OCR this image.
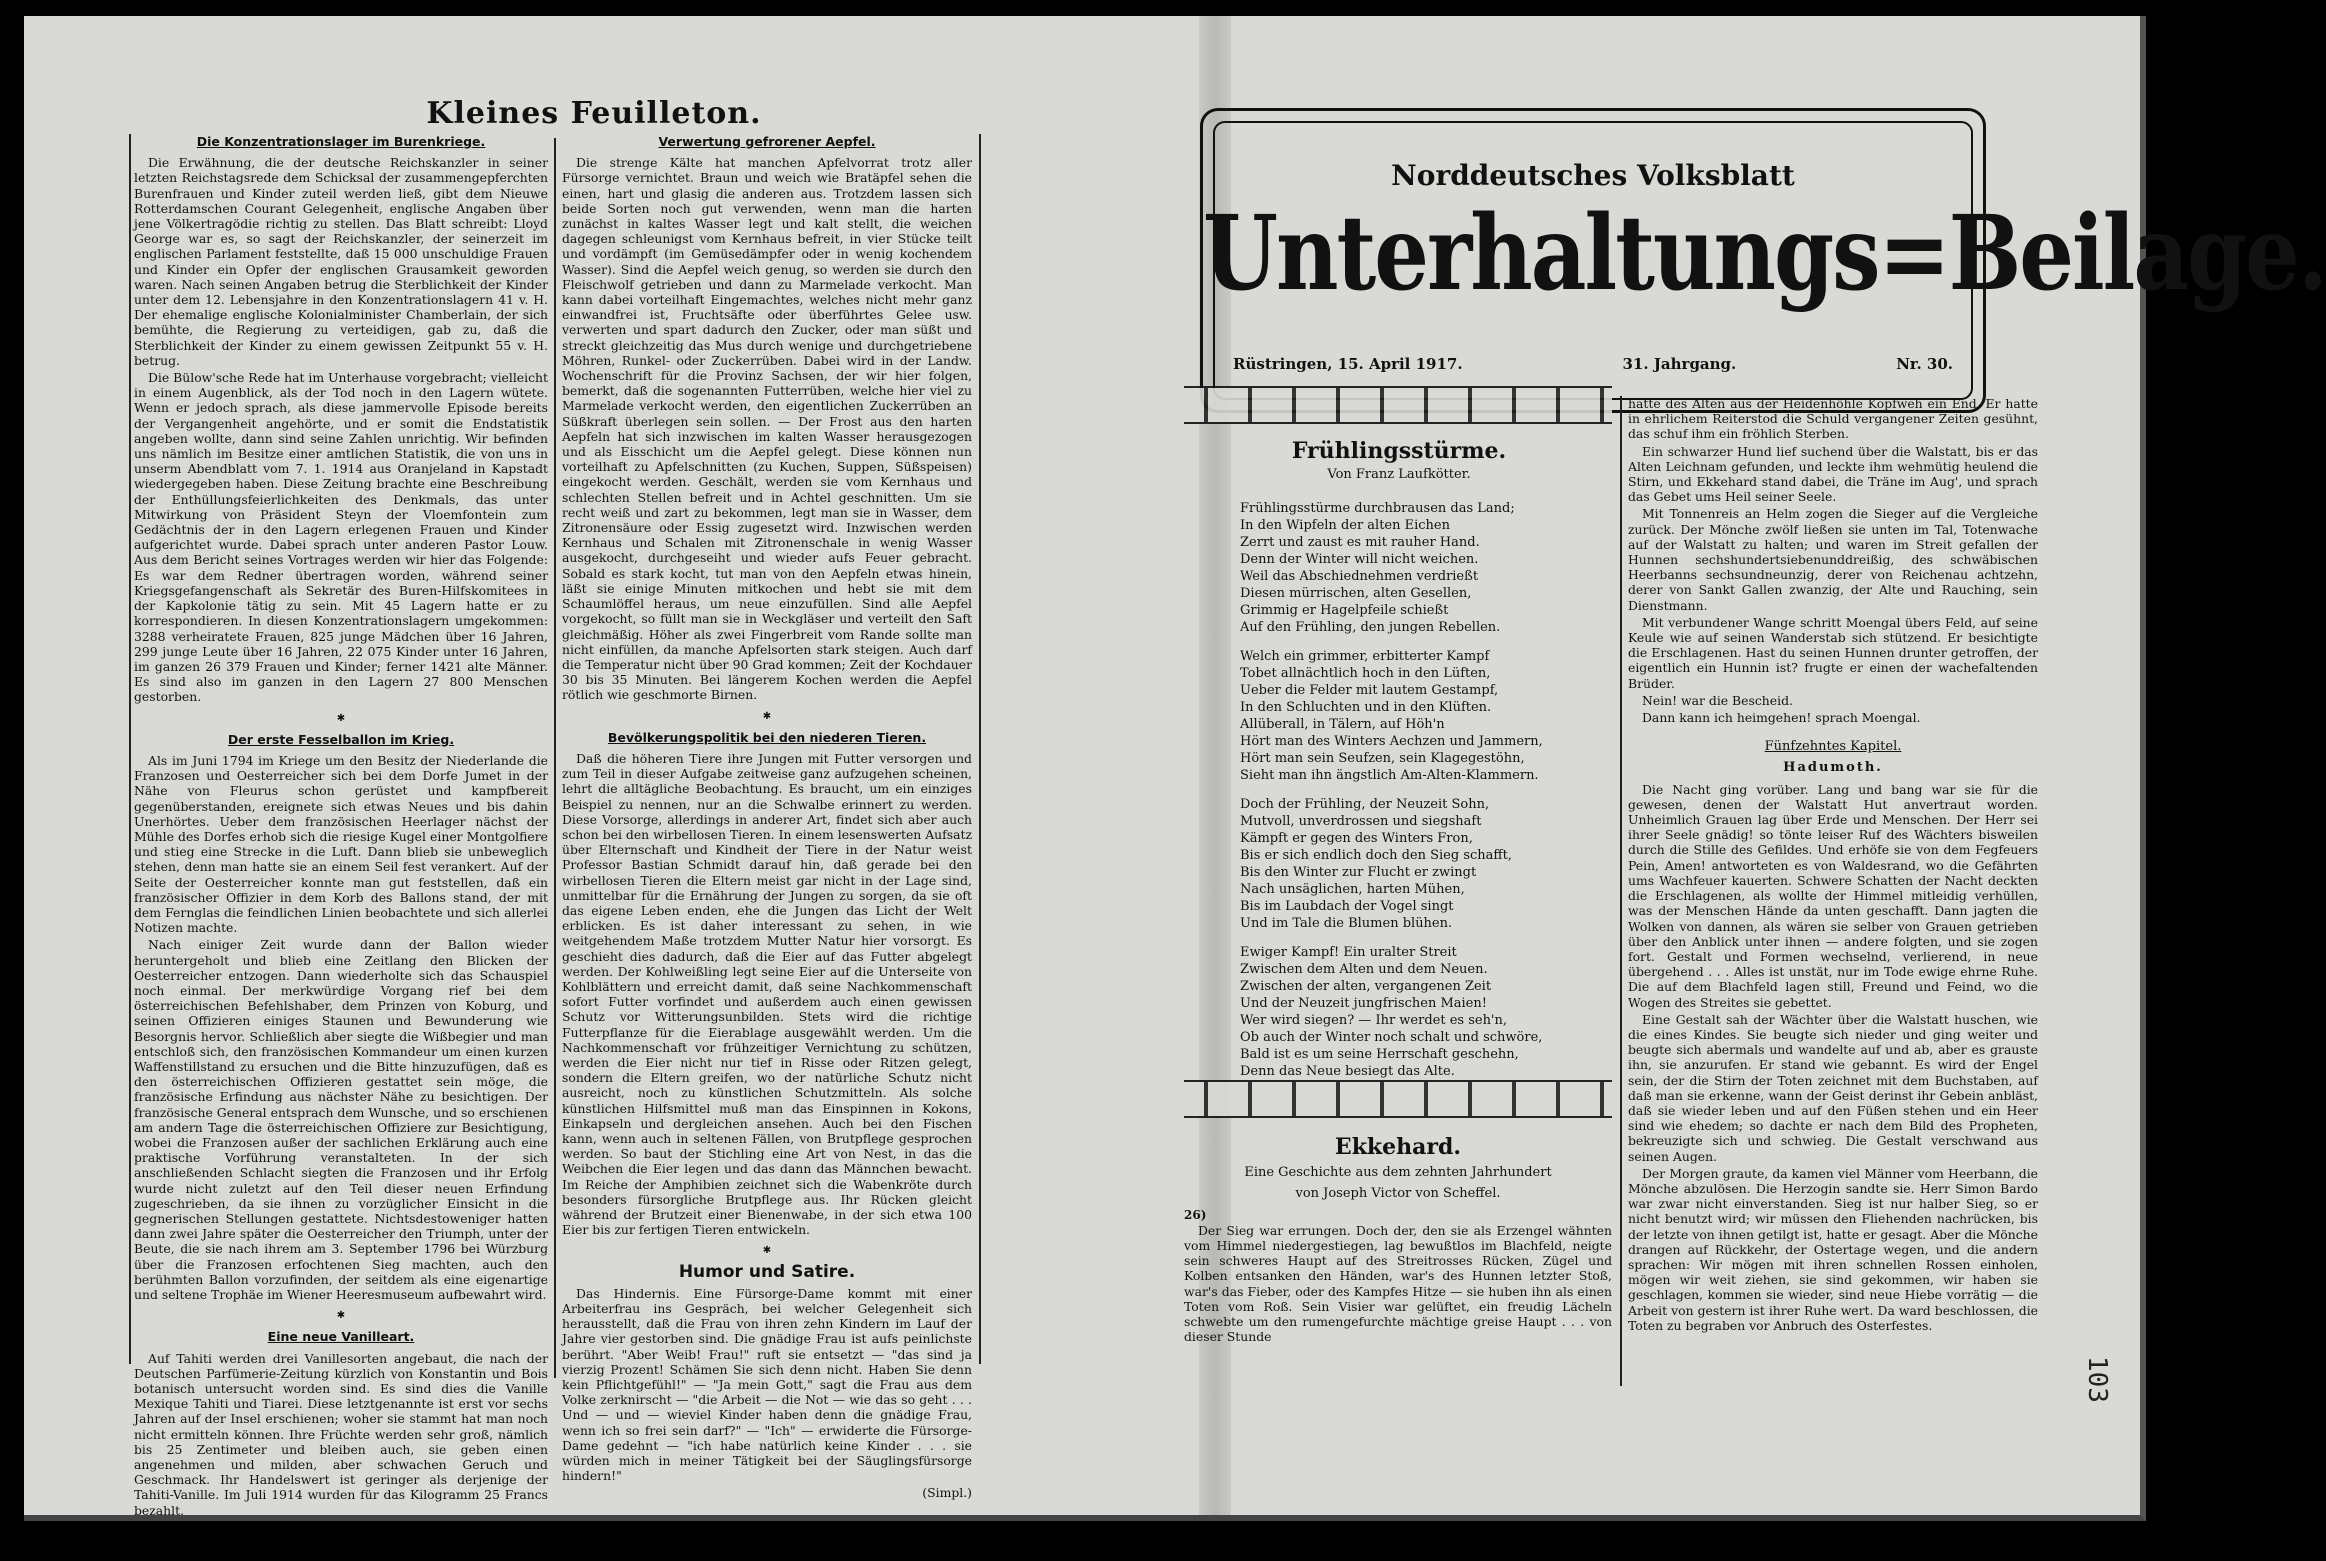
Kleines Feuilleton.
Die Konzentrationslager im Burenkriege.

Die Erwähnung, die der deutsche Reichskanzler in seiner letzten Reichstagsrede dem Schicksal der zusammengepferchten Burenfrauen und Kinder zuteil werden ließ, gibt dem Nieuwe Rotterdamschen Courant Gelegenheit, englische Angaben über jene Völkertragödie richtig zu stellen. Das Blatt schreibt: Lloyd George war es, so sagt der Reichskanzler, der seinerzeit im englischen Parlament feststellte, daß 15 000 unschuldige Frauen und Kinder ein Opfer der englischen Grausamkeit geworden waren. Nach seinen Angaben betrug die Sterblichkeit der Kinder unter dem 12. Lebensjahre in den Konzentrationslagern 41 v. H. Der ehemalige englische Kolonialminister Chamberlain, der sich bemühte, die Regierung zu verteidigen, gab zu, daß die Sterblichkeit der Kinder zu einem gewissen Zeitpunkt 55 v. H. betrug.

Die Bülow'sche Rede hat im Unterhause vorgebracht; vielleicht in einem Augenblick, als der Tod noch in den Lagern wütete. Wenn er jedoch sprach, als diese jammervolle Episode bereits der Vergangenheit angehörte, und er somit die Endstatistik angeben wollte, dann sind seine Zahlen unrichtig. Wir befinden uns nämlich im Besitze einer amtlichen Statistik, die von uns in unserm Abendblatt vom 7. 1. 1914 aus Oranjeland in Kapstadt wiedergegeben haben. Diese Zeitung brachte eine Beschreibung der Enthüllungsfeierlichkeiten des Denkmals, das unter Mitwirkung von Präsident Steyn der Vloemfontein zum Gedächtnis der in den Lagern erlegenen Frauen und Kinder aufgerichtet wurde. Dabei sprach unter anderen Pastor Louw. Aus dem Bericht seines Vortrages werden wir hier das Folgende: Es war dem Redner übertragen worden, während seiner Kriegsgefangenschaft als Sekretär des Buren-Hilfskomitees in der Kapkolonie tätig zu sein. Mit 45 Lagern hatte er zu korrespondieren. In diesen Konzentrationslagern umgekommen: 3288 verheiratete Frauen, 825 junge Mädchen über 16 Jahren, 299 junge Leute über 16 Jahren, 22 075 Kinder unter 16 Jahren, im ganzen 26 379 Frauen und Kinder; ferner 1421 alte Männer. Es sind also im ganzen in den Lagern 27 800 Menschen gestorben.

✱
Der erste Fesselballon im Krieg.

Als im Juni 1794 im Kriege um den Besitz der Niederlande die Franzosen und Oesterreicher sich bei dem Dorfe Jumet in der Nähe von Fleurus schon gerüstet und kampfbereit gegenüberstanden, ereignete sich etwas Neues und bis dahin Unerhörtes. Ueber dem französischen Heerlager nächst der Mühle des Dorfes erhob sich die riesige Kugel einer Montgolfiere und stieg eine Strecke in die Luft. Dann blieb sie unbeweglich stehen, denn man hatte sie an einem Seil fest verankert. Auf der Seite der Oesterreicher konnte man gut feststellen, daß ein französischer Offizier in dem Korb des Ballons stand, der mit dem Fernglas die feindlichen Linien beobachtete und sich allerlei Notizen machte.

Nach einiger Zeit wurde dann der Ballon wieder heruntergeholt und blieb eine Zeitlang den Blicken der Oesterreicher entzogen. Dann wiederholte sich das Schauspiel noch einmal. Der merkwürdige Vorgang rief bei dem österreichischen Befehlshaber, dem Prinzen von Koburg, und seinen Offizieren einiges Staunen und Bewunderung wie Besorgnis hervor. Schließlich aber siegte die Wißbegier und man entschloß sich, den französischen Kommandeur um einen kurzen Waffenstillstand zu ersuchen und die Bitte hinzuzufügen, daß es den österreichischen Offizieren gestattet sein möge, die französische Erfindung aus nächster Nähe zu besichtigen. Der französische General entsprach dem Wunsche, und so erschienen am andern Tage die österreichischen Offiziere zur Besichtigung, wobei die Franzosen außer der sachlichen Erklärung auch eine praktische Vorführung veranstalteten. In der sich anschließenden Schlacht siegten die Franzosen und ihr Erfolg wurde nicht zuletzt auf den Teil dieser neuen Erfindung zugeschrieben, da sie ihnen zu vorzüglicher Einsicht in die gegnerischen Stellungen gestattete. Nichtsdestoweniger hatten dann zwei Jahre später die Oesterreicher den Triumph, unter der Beute, die sie nach ihrem am 3. September 1796 bei Würzburg über die Franzosen erfochtenen Sieg machten, auch den berühmten Ballon vorzufinden, der seitdem als eine eigenartige und seltene Trophäe im Wiener Heeresmuseum aufbewahrt wird.

✱
Eine neue Vanilleart.

Auf Tahiti werden drei Vanillesorten angebaut, die nach der Deutschen Parfümerie-Zeitung kürzlich von Konstantin und Bois botanisch untersucht worden sind. Es sind dies die Vanille Mexique Tahiti und Tiarei. Diese letztgenannte ist erst vor sechs Jahren auf der Insel erschienen; woher sie stammt hat man noch nicht ermitteln können. Ihre Früchte werden sehr groß, nämlich bis 25 Zentimeter und bleiben auch, sie geben einen angenehmen und milden, aber schwachen Geruch und Geschmack. Ihr Handelswert ist geringer als derjenige der Tahiti-Vanille. Im Juli 1914 wurden für das Kilogramm 25 Francs bezahlt.

Verwertung gefrorener Aepfel.

Die strenge Kälte hat manchen Apfelvorrat trotz aller Fürsorge vernichtet. Braun und weich wie Bratäpfel sehen die einen, hart und glasig die anderen aus. Trotzdem lassen sich beide Sorten noch gut verwenden, wenn man die harten zunächst in kaltes Wasser legt und kalt stellt, die weichen dagegen schleunigst vom Kernhaus befreit, in vier Stücke teilt und vordämpft (im Gemüsedämpfer oder in wenig kochendem Wasser). Sind die Aepfel weich genug, so werden sie durch den Fleischwolf getrieben und dann zu Marmelade verkocht. Man kann dabei vorteilhaft Eingemachtes, welches nicht mehr ganz einwandfrei ist, Fruchtsäfte oder überführtes Gelee usw. verwerten und spart dadurch den Zucker, oder man süßt und streckt gleichzeitig das Mus durch wenige und durchgetriebene Möhren, Runkel- oder Zuckerrüben. Dabei wird in der Landw. Wochenschrift für die Provinz Sachsen, der wir hier folgen, bemerkt, daß die sogenannten Futterrüben, welche hier viel zu Marmelade verkocht werden, den eigentlichen Zuckerrüben an Süßkraft überlegen sein sollen. — Der Frost aus den harten Aepfeln hat sich inzwischen im kalten Wasser herausgezogen und als Eisschicht um die Aepfel gelegt. Diese können nun vorteilhaft zu Apfelschnitten (zu Kuchen, Suppen, Süßspeisen) eingekocht werden. Geschält, werden sie vom Kernhaus und schlechten Stellen befreit und in Achtel geschnitten. Um sie recht weiß und zart zu bekommen, legt man sie in Wasser, dem Zitronensäure oder Essig zugesetzt wird. Inzwischen werden Kernhaus und Schalen mit Zitronenschale in wenig Wasser ausgekocht, durchgeseiht und wieder aufs Feuer gebracht. Sobald es stark kocht, tut man von den Aepfeln etwas hinein, läßt sie einige Minuten mitkochen und hebt sie mit dem Schaumlöffel heraus, um neue einzufüllen. Sind alle Aepfel vorgekocht, so füllt man sie in Weckgläser und verteilt den Saft gleichmäßig. Höher als zwei Fingerbreit vom Rande sollte man nicht einfüllen, da manche Apfelsorten stark steigen. Auch darf die Temperatur nicht über 90 Grad kommen; Zeit der Kochdauer 30 bis 35 Minuten. Bei längerem Kochen werden die Aepfel rötlich wie geschmorte Birnen.

✱
Bevölkerungspolitik bei den niederen Tieren.

Daß die höheren Tiere ihre Jungen mit Futter versorgen und zum Teil in dieser Aufgabe zeitweise ganz aufzugehen scheinen, lehrt die alltägliche Beobachtung. Es braucht, um ein einziges Beispiel zu nennen, nur an die Schwalbe erinnert zu werden. Diese Vorsorge, allerdings in anderer Art, findet sich aber auch schon bei den wirbellosen Tieren. In einem lesenswerten Aufsatz über Elternschaft und Kindheit der Tiere in der Natur weist Professor Bastian Schmidt darauf hin, daß gerade bei den wirbellosen Tieren die Eltern meist gar nicht in der Lage sind, unmittelbar für die Ernährung der Jungen zu sorgen, da sie oft das eigene Leben enden, ehe die Jungen das Licht der Welt erblicken. Es ist daher interessant zu sehen, in wie weitgehendem Maße trotzdem Mutter Natur hier vorsorgt. Es geschieht dies dadurch, daß die Eier auf das Futter abgelegt werden. Der Kohlweißling legt seine Eier auf die Unterseite von Kohlblättern und erreicht damit, daß seine Nachkommenschaft sofort Futter vorfindet und außerdem auch einen gewissen Schutz vor Witterungsunbilden. Stets wird die richtige Futterpflanze für die Eierablage ausgewählt werden. Um die Nachkommenschaft vor frühzeitiger Vernichtung zu schützen, werden die Eier nicht nur tief in Risse oder Ritzen gelegt, sondern die Eltern greifen, wo der natürliche Schutz nicht ausreicht, noch zu künstlichen Schutzmitteln. Als solche künstlichen Hilfsmittel muß man das Einspinnen in Kokons, Einkapseln und dergleichen ansehen. Auch bei den Fischen kann, wenn auch in seltenen Fällen, von Brutpflege gesprochen werden. So baut der Stichling eine Art von Nest, in das die Weibchen die Eier legen und das dann das Männchen bewacht. Im Reiche der Amphibien zeichnet sich die Wabenkröte durch besonders fürsorgliche Brutpflege aus. Ihr Rücken gleicht während der Brutzeit einer Bienenwabe, in der sich etwa 100 Eier bis zur fertigen Tieren entwickeln.

✱
Humor und Satire.

Das Hindernis. Eine Fürsorge-Dame kommt mit einer Arbeiterfrau ins Gespräch, bei welcher Gelegenheit sich herausstellt, daß die Frau von ihren zehn Kindern im Lauf der Jahre vier gestorben sind. Die gnädige Frau ist aufs peinlichste berührt. "Aber Weib! Frau!" ruft sie entsetzt — "das sind ja vierzig Prozent! Schämen Sie sich denn nicht. Haben Sie denn kein Pflichtgefühl!" — "Ja mein Gott," sagt die Frau aus dem Volke zerknirscht — "die Arbeit — die Not — wie das so geht . . . Und — und — wieviel Kinder haben denn die gnädige Frau, wenn ich so frei sein darf?" — "Ich" — erwiderte die Fürsorge-Dame gedehnt — "ich habe natürlich keine Kinder . . . sie würden mich in meiner Tätigkeit bei der Säuglingsfürsorge hindern!"

(Simpl.)

Norddeutsches Volksblatt
Unterhaltungs=Beilage.
Rüstringen, 15. April 1917.	31. Jahrgang.	Nr. 30.
Frühlingsstürme.
Von Franz Laufkötter.
Frühlingsstürme durchbrausen das Land;
In den Wipfeln der alten Eichen
Zerrt und zaust es mit rauher Hand.
Denn der Winter will nicht weichen.
Weil das Abschiednehmen verdrießt
Diesen mürrischen, alten Gesellen,
Grimmig er Hagelpfeile schießt
Auf den Frühling, den jungen Rebellen.
Welch ein grimmer, erbitterter Kampf
Tobet allnächtlich hoch in den Lüften,
Ueber die Felder mit lautem Gestampf,
In den Schluchten und in den Klüften.
Allüberall, in Tälern, auf Höh'n
Hört man des Winters Aechzen und Jammern,
Hört man sein Seufzen, sein Klagegestöhn,
Sieht man ihn ängstlich Am-Alten-Klammern.
Doch der Frühling, der Neuzeit Sohn,
Mutvoll, unverdrossen und siegshaft
Kämpft er gegen des Winters Fron,
Bis er sich endlich doch den Sieg schafft,
Bis den Winter zur Flucht er zwingt
Nach unsäglichen, harten Mühen,
Bis im Laubdach der Vogel singt
Und im Tale die Blumen blühen.
Ewiger Kampf! Ein uralter Streit
Zwischen dem Alten und dem Neuen.
Zwischen der alten, vergangenen Zeit
Und der Neuzeit jungfrischen Maien!
Wer wird siegen? — Ihr werdet es seh'n,
Ob auch der Winter noch schalt und schwöre,
Bald ist es um seine Herrschaft geschehn,
Denn das Neue besiegt das Alte.
Ekkehard.
Eine Geschichte aus dem zehnten Jahrhundert
von Joseph Victor von Scheffel.
26)

Der Sieg war errungen. Doch der, den sie als Erzengel wähnten vom Himmel niedergestiegen, lag bewußtlos im Blachfeld, neigte sein schweres Haupt auf des Streitrosses Rücken, Zügel und Kolben entsanken den Händen, war's des Hunnen letzter Stoß, war's das Fieber, oder des Kampfes Hitze — sie huben ihn als einen Toten vom Roß. Sein Visier war gelüftet, ein freudig Lächeln schwebte um den rumengefurchte mächtige greise Haupt . . . von dieser Stunde

hatte des Alten aus der Heidenhöhle Kopfweh ein End. Er hatte in ehrlichem Reiterstod die Schuld vergangener Zeiten gesühnt, das schuf ihm ein fröhlich Sterben.

Ein schwarzer Hund lief suchend über die Walstatt, bis er das Alten Leichnam gefunden, und leckte ihm wehmütig heulend die Stirn, und Ekkehard stand dabei, die Träne im Aug', und sprach das Gebet ums Heil seiner Seele.

Mit Tonnenreis an Helm zogen die Sieger auf die Vergleiche zurück. Der Mönche zwölf ließen sie unten im Tal, Totenwache auf der Walstatt zu halten; und waren im Streit gefallen der Hunnen sechshundertsiebenunddreißig, des schwäbischen Heerbanns sechsundneunzig, derer von Reichenau achtzehn, derer von Sankt Gallen zwanzig, der Alte und Rauching, sein Dienstmann.

Mit verbundener Wange schritt Moengal übers Feld, auf seine Keule wie auf seinen Wanderstab sich stützend. Er besichtigte die Erschlagenen. Hast du seinen Hunnen drunter getroffen, der eigentlich ein Hunnin ist? frugte er einen der wachefaltenden Brüder.

Nein! war die Bescheid.

Dann kann ich heimgehen! sprach Moengal.

Fünfzehntes Kapitel.
Hadumoth.

Die Nacht ging vorüber. Lang und bang war sie für die gewesen, denen der Walstatt Hut anvertraut worden. Unheimlich Grauen lag über Erde und Menschen. Der Herr sei ihrer Seele gnädig! so tönte leiser Ruf des Wächters bisweilen durch die Stille des Gefildes. Und erhöfe sie von dem Fegfeuers Pein, Amen! antworteten es von Waldesrand, wo die Gefährten ums Wachfeuer kauerten. Schwere Schatten der Nacht deckten die Erschlagenen, als wollte der Himmel mitleidig verhüllen, was der Menschen Hände da unten geschafft. Dann jagten die Wolken von dannen, als wären sie selber von Grauen getrieben über den Anblick unter ihnen — andere folgten, und sie zogen fort. Gestalt und Formen wechselnd, verlierend, in neue übergehend . . . Alles ist unstät, nur im Tode ewige ehrne Ruhe. Die auf dem Blachfeld lagen still, Freund und Feind, wo die Wogen des Streites sie gebettet.

Eine Gestalt sah der Wächter über die Walstatt huschen, wie die eines Kindes. Sie beugte sich nieder und ging weiter und beugte sich abermals und wandelte auf und ab, aber es grauste ihn, sie anzurufen. Er stand wie gebannt. Es wird der Engel sein, der die Stirn der Toten zeichnet mit dem Buchstaben, auf daß man sie erkenne, wann der Geist derinst ihr Gebein anbläst, daß sie wieder leben und auf den Füßen stehen und ein Heer sind wie ehedem; so dachte er nach dem Bild des Propheten, bekreuzigte sich und schwieg. Die Gestalt verschwand aus seinen Augen.

Der Morgen graute, da kamen viel Männer vom Heerbann, die Mönche abzulösen. Die Herzogin sandte sie. Herr Simon Bardo war zwar nicht einverstanden. Sieg ist nur halber Sieg, so er nicht benutzt wird; wir müssen den Fliehenden nachrücken, bis der letzte von ihnen getilgt ist, hatte er gesagt. Aber die Mönche drangen auf Rückkehr, der Ostertage wegen, und die andern sprachen: Wir mögen mit ihren schnellen Rossen einholen, mögen wir weit ziehen, sie sind gekommen, wir haben sie geschlagen, kommen sie wieder, sind neue Hiebe vorrätig — die Arbeit von gestern ist ihrer Ruhe wert. Da ward beschlossen, die Toten zu begraben vor Anbruch des Osterfestes.

103
